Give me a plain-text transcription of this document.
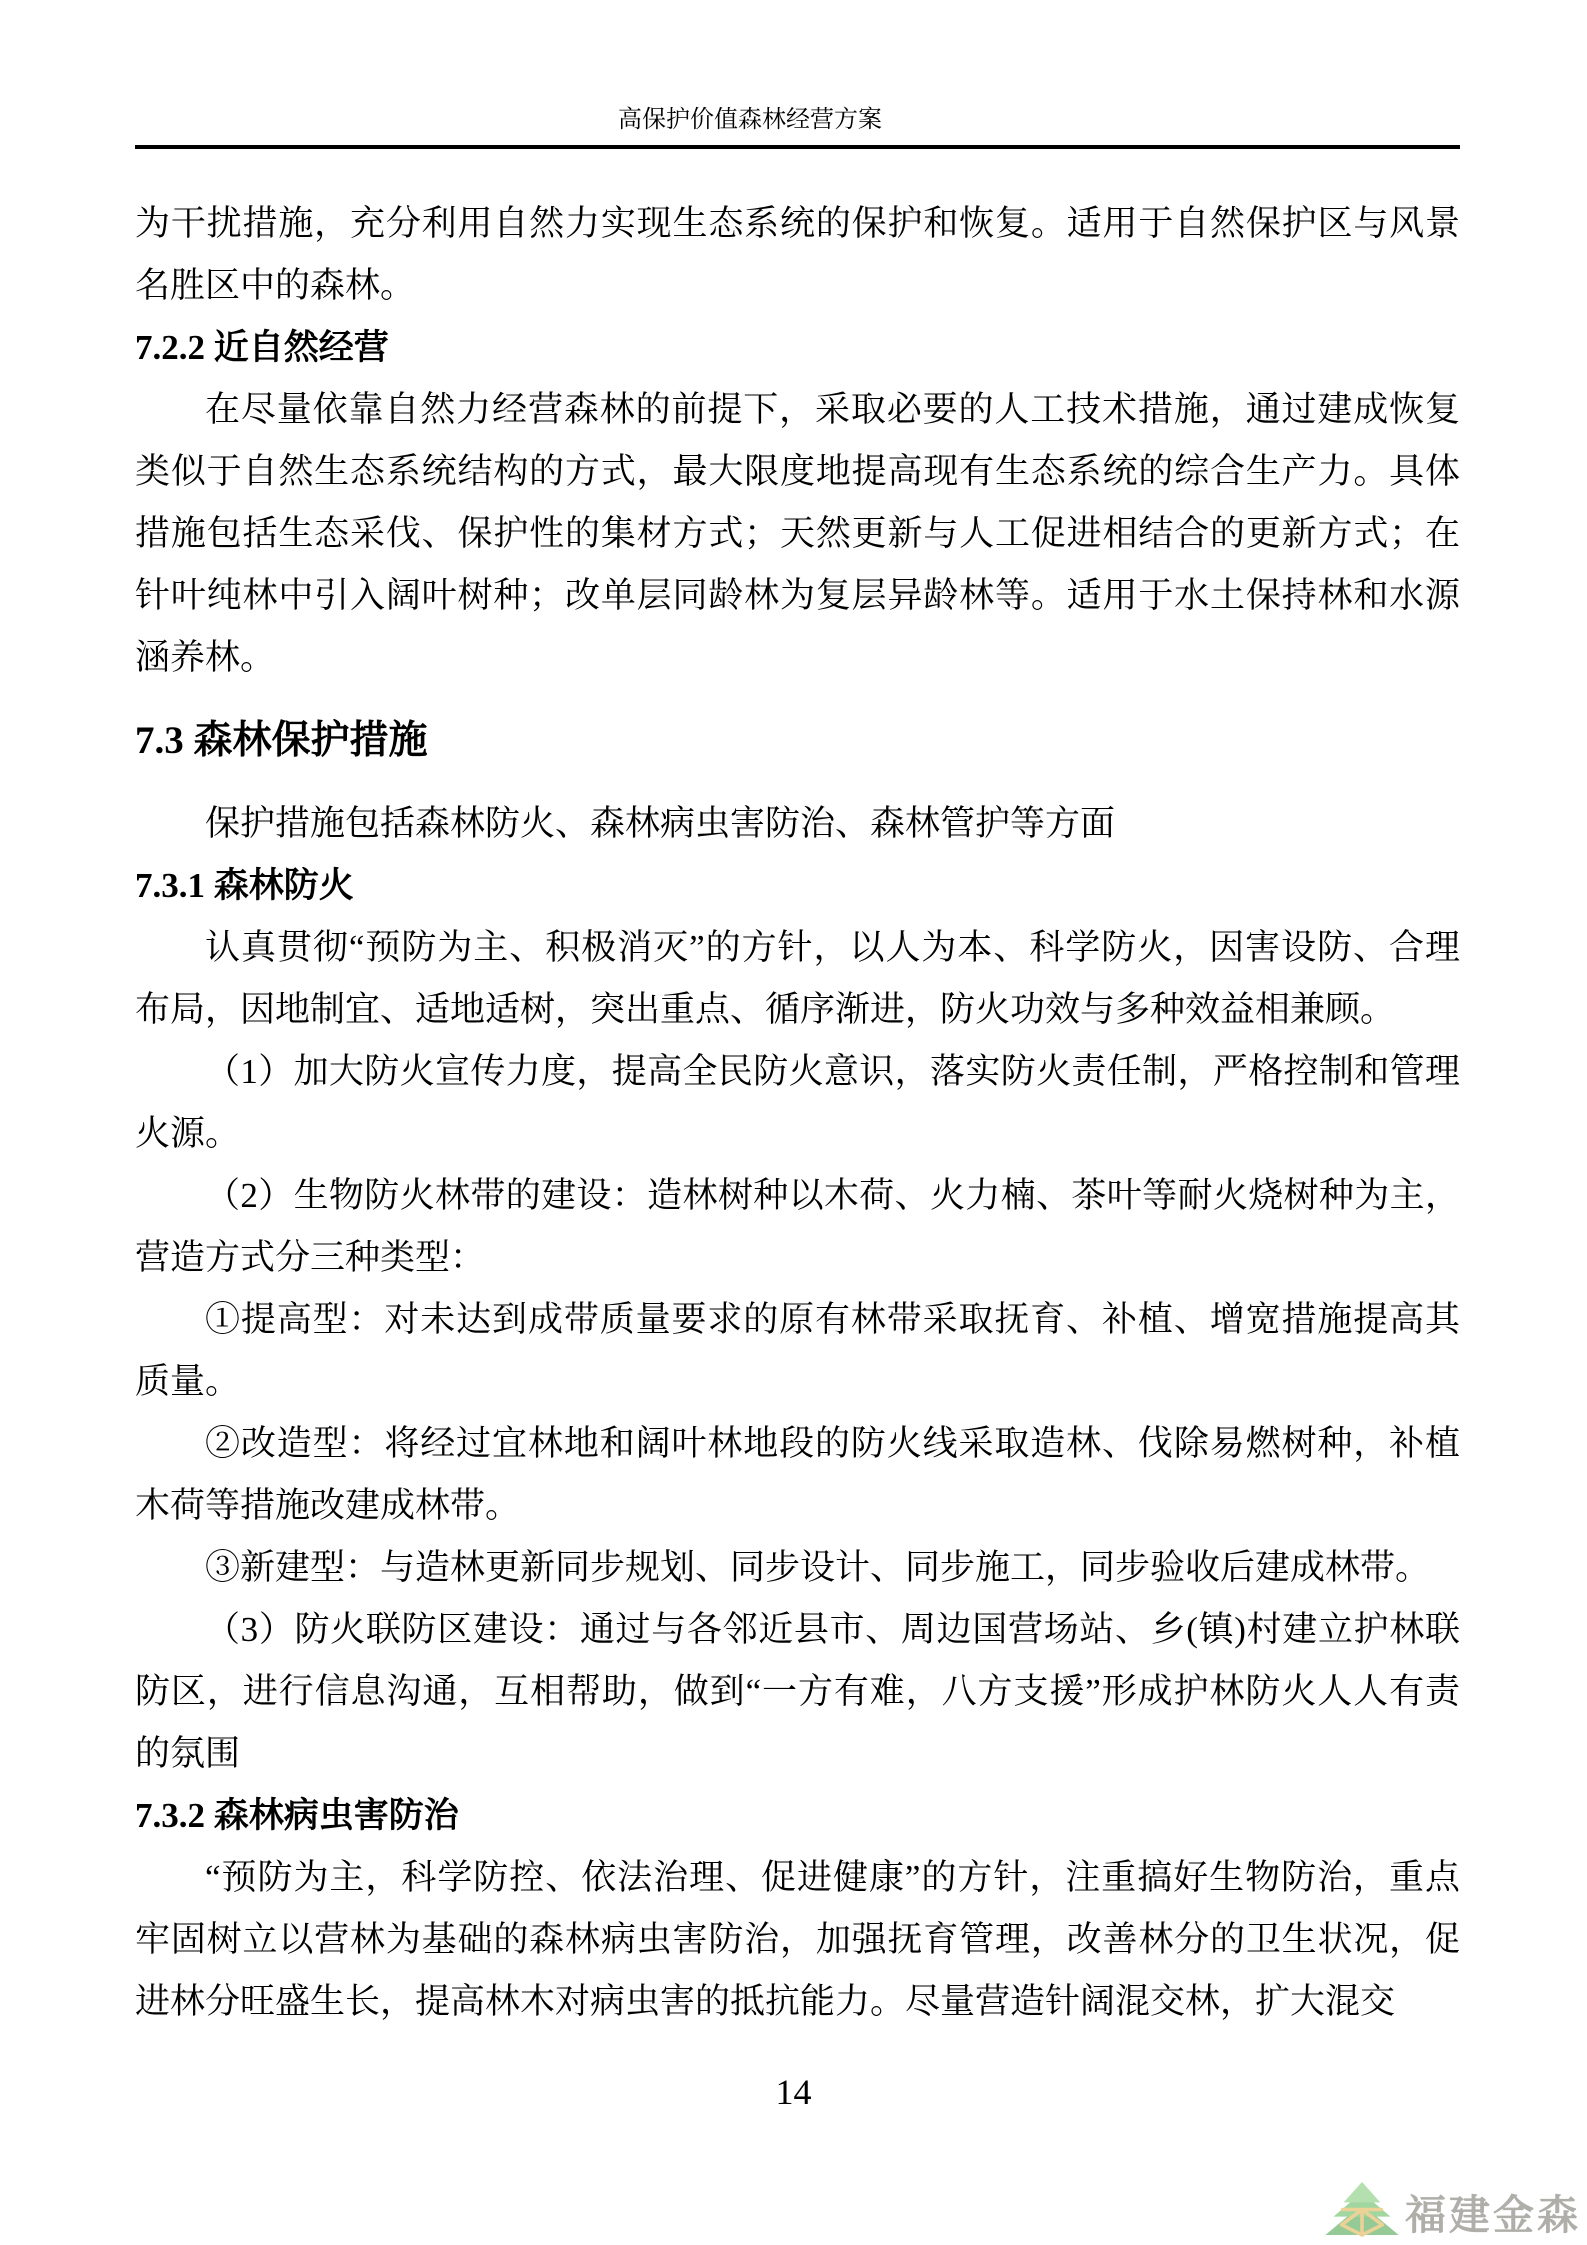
高保护价值森林经营方案
为干扰措施，充分利用自然力实现生态系统的保护和恢复。适用于自然保护区与风景名胜区中的森林。
7.2.2 近自然经营
在尽量依靠自然力经营森林的前提下，采取必要的人工技术措施，通过建成恢复类似于自然生态系统结构的方式，最大限度地提高现有生态系统的综合生产力。具体措施包括生态采伐、保护性的集材方式；天然更新与人工促进相结合的更新方式；在针叶纯林中引入阔叶树种；改单层同龄林为复层异龄林等。适用于水土保持林和水源涵养林。
7.3 森林保护措施
保护措施包括森林防火、森林病虫害防治、森林管护等方面
7.3.1 森林防火
认真贯彻“预防为主、积极消灭”的方针，以人为本、科学防火，因害设防、合理布局，因地制宜、适地适树，突出重点、循序渐进，防火功效与多种效益相兼顾。
（1）加大防火宣传力度，提高全民防火意识，落实防火责任制，严格控制和管理火源。
（2）生物防火林带的建设：造林树种以木荷、火力楠、茶叶等耐火烧树种为主，营造方式分三种类型：
①提高型：对未达到成带质量要求的原有林带采取抚育、补植、增宽措施提高其质量。
②改造型：将经过宜林地和阔叶林地段的防火线采取造林、伐除易燃树种，补植木荷等措施改建成林带。
③新建型：与造林更新同步规划、同步设计、同步施工，同步验收后建成林带。
（3）防火联防区建设：通过与各邻近县市、周边国营场站、乡(镇)村建立护林联防区，进行信息沟通，互相帮助，做到“一方有难，八方支援”形成护林防火人人有责的氛围
7.3.2 森林病虫害防治
“预防为主，科学防控、依法治理、促进健康”的方针，注重搞好生物防治，重点牢固树立以营林为基础的森林病虫害防治，加强抚育管理，改善林分的卫生状况，促进林分旺盛生长，提高林木对病虫害的抵抗能力。尽量营造针阔混交林，扩大混交
14
福建金森
